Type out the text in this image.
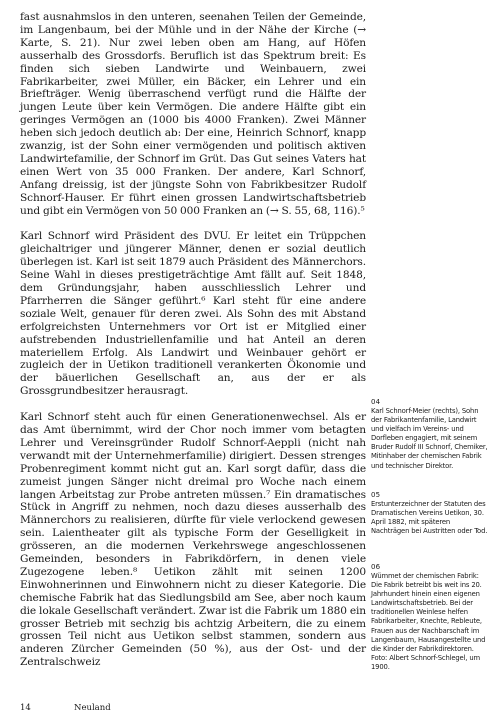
fast ausnahmslos in den unteren, seenahen Teilen der Gemeinde, im Langenbaum, bei der Mühle und in der Nähe der Kirche (→ Karte, S. 21). Nur zwei leben oben am Hang, auf Höfen ausserhalb des Grossdorfs. Beruflich ist das Spektrum breit: Es finden sich sieben Landwirte und Weinbauern, zwei Fabrikarbeiter, zwei Müller, ein Bäcker, ein Lehrer und ein Briefträger. Wenig überraschend verfügt rund die Hälfte der jungen Leute über kein Vermögen. Die andere Hälfte gibt ein geringes Vermögen an (1000 bis 4000 Franken). Zwei Männer heben sich jedoch deutlich ab: Der eine, Heinrich Schnorf, knapp zwanzig, ist der Sohn einer vermögenden und politisch aktiven Landwirtefamilie, der Schnorf im Grüt. Das Gut seines Vaters hat einen Wert von 35 000 Franken. Der andere, Karl Schnorf, Anfang dreissig, ist der jüngste Sohn von Fabrikbesitzer Rudolf Schnorf-Hauser. Er führt einen grossen Landwirtschaftsbetrieb und gibt ein Vermögen von 50 000 Franken an (→ S. 55, 68, 116).⁵

Karl Schnorf wird Präsident des DVU. Er leitet ein Trüppchen gleichaltriger und jüngerer Männer, denen er sozial deutlich überlegen ist. Karl ist seit 1879 auch Präsident des Männerchors. Seine Wahl in dieses prestigeträchtige Amt fällt auf. Seit 1848, dem Gründungsjahr, haben ausschliesslich Lehrer und Pfarrherren die Sänger geführt.⁶ Karl steht für eine andere soziale Welt, genauer für deren zwei. Als Sohn des mit Abstand erfolgreichsten Unternehmers vor Ort ist er Mitglied einer aufstrebenden Industriellenfamilie und hat Anteil an deren materiellem Erfolg. Als Landwirt und Weinbauer gehört er zugleich der in Uetikon traditionell verankerten Ökonomie und der bäuerlichen Gesellschaft an, aus der er als Grossgrundbesitzer herausragt.

Karl Schnorf steht auch für einen Generationenwechsel. Als er das Amt übernimmt, wird der Chor noch immer vom betagten Lehrer und Vereinsgründer Rudolf Schnorf-Aeppli (nicht nah verwandt mit der Unternehmerfamilie) dirigiert. Dessen strenges Probenregiment kommt nicht gut an. Karl sorgt dafür, dass die zumeist jungen Sänger nicht dreimal pro Woche nach einem langen Arbeitstag zur Probe antreten müssen.⁷ Ein dramatisches Stück in Angriff zu nehmen, noch dazu dieses ausserhalb des Männerchors zu realisieren, dürfte für viele verlockend gewesen sein. Laientheater gilt als typische Form der Geselligkeit in grösseren, an die modernen Verkehrswege angeschlossenen Gemeinden, besonders in Fabrikdörfern, in denen viele Zugezogene leben.⁸ Uetikon zählt mit seinen 1200 Einwohnerinnen und Einwohnern nicht zu dieser Kategorie. Die chemische Fabrik hat das Siedlungsbild am See, aber noch kaum die lokale Gesellschaft verändert. Zwar ist die Fabrik um 1880 ein grosser Betrieb mit sechzig bis achtzig Arbeitern, die zu einem grossen Teil nicht aus Uetikon selbst stammen, sondern aus anderen Zürcher Gemeinden (50 %), aus der Ost- und der Zentralschweiz

04

Karl Schnorf-Meier (rechts), Sohn der Fabrikantenfamilie, Landwirt und vielfach im Vereins- und Dorfleben engagiert, mit seinem Bruder Rudolf III Schnorf, Chemiker, Mitinhaber der chemischen Fabrik und technischer Direktor.

05

Erstunterzeichner der Statuten des Dramatischen Vereins Uetikon, 30. April 1882, mit späteren Nachträgen bei Austritten oder Tod.

06

Wümmet der chemischen Fabrik: Die Fabrik betreibt bis weit ins 20. Jahrhundert hinein einen eigenen Landwirtschaftsbetrieb. Bei der traditionellen Weinlese helfen Fabrikarbeiter, Knechte, Rebleute, Frauen aus der Nachbarschaft im Langenbaum, Hausangestellte und die Kinder der Fabrikdirektoren. Foto: Albert Schnorf-Schlegel, um 1900.

14	Neuland
